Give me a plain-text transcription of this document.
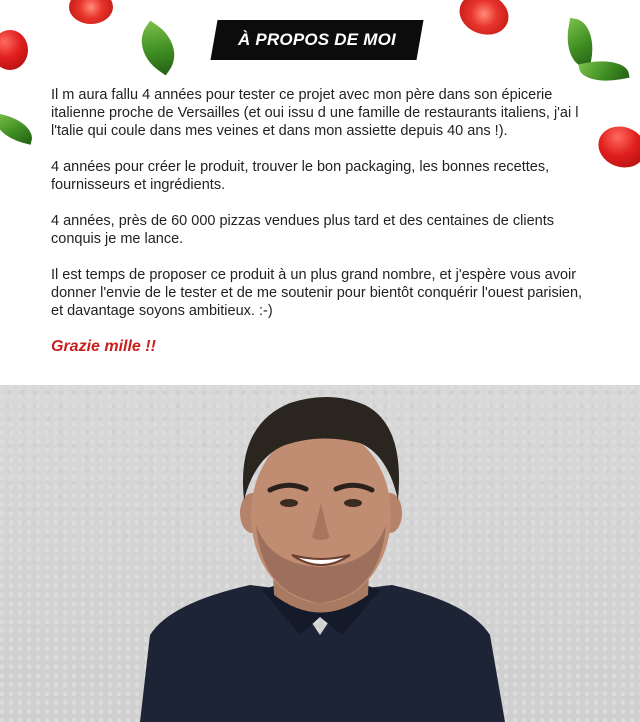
À PROPOS DE MOI

Il m aura fallu 4 années pour tester ce projet avec mon père dans son épicerie italienne proche de Versailles (et oui issu d une famille de restaurants italiens, j'ai l l'talie qui coule dans mes veines et dans mon assiette depuis 40 ans !).

4 années pour créer le produit, trouver le bon packaging, les bonnes recettes, fournisseurs et ingrédients.

4 années, près de 60 000 pizzas vendues plus tard et des centaines de clients conquis je me lance.

Il est temps de proposer ce produit à un plus grand nombre, et j'espère vous avoir donner l'envie de le tester et de me soutenir pour bientôt conquérir l'ouest parisien, et davantage soyons ambitieux. :-)

Grazie mille !!
